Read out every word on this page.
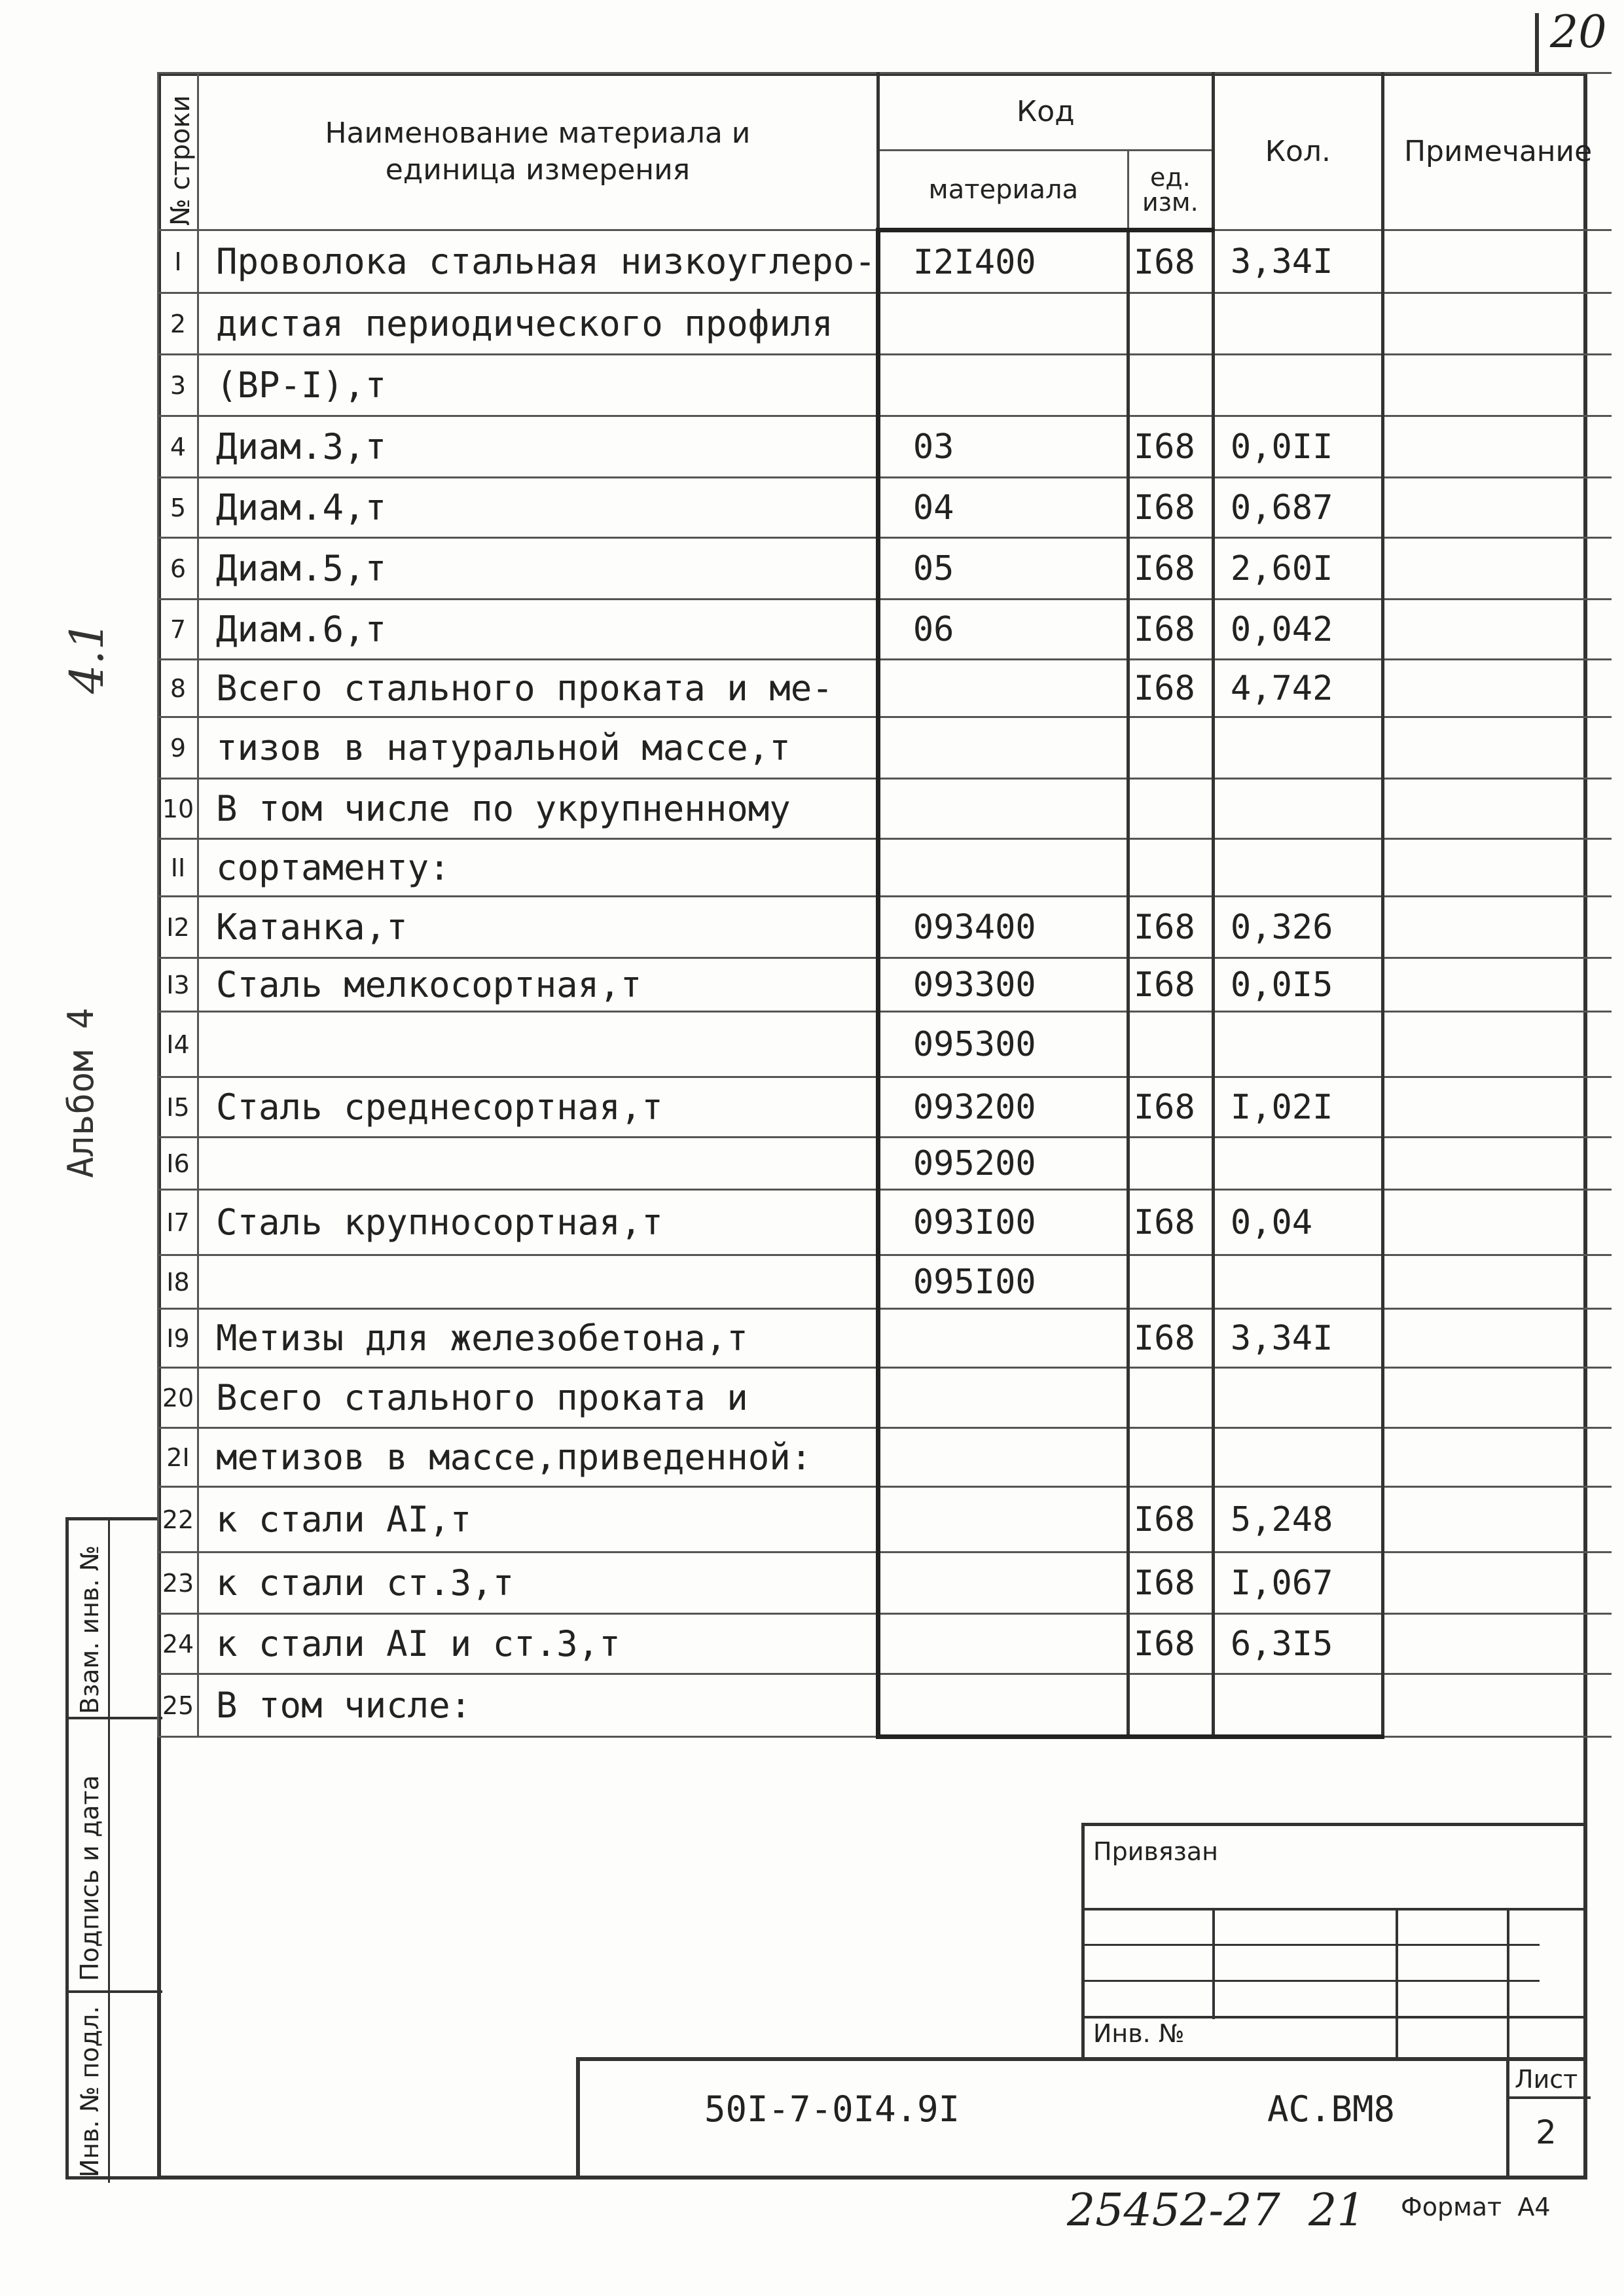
20
Альбом 4
4.1
Взам. инв. №
Подпись и дата
Инв. № подл.
№ строки	Наименование материала и
единица измерения	Код		Кол.	Примечание
		материала	ед.
изм.		

I	Проволока стальная низкоуглеро-	I2I400	I68	3,34I	
2	дистая периодического профиля				
3	(BP-I),т				
4	Диам.3,т	03	I68	0,0II	
5	Диам.4,т	04	I68	0,687	
6	Диам.5,т	05	I68	2,60I	
7	Диам.6,т	06	I68	0,042	
8	Всего стального проката и ме-		I68	4,742	
9	тизов в натуральной массе,т				
10	В том числе по укрупненному				
II	сортаменту:				
I2	Катанка,т	093400	I68	0,326	
I3	Сталь мелкосортная,т	093300	I68	0,0I5	
I4		095300			
I5	Сталь среднесортная,т	093200	I68	I,02I	
I6		095200			
I7	Сталь крупносортная,т	093I00	I68	0,04	
I8		095I00			
I9	Метизы для железобетона,т		I68	3,34I	
20	Всего стального проката и				
2I	метизов в массе,приведенной:				
22	к стали AI,т		I68	5,248	
23	к стали ст.3,т		I68	I,067	
24	к стали AI и ст.3,т		I68	6,3I5	
25	В том числе:				
Привязан
Инв. №
50I-7-0I4.9I	АС.ВМ8
Лист
2
25452-27  21 Формат  А4
